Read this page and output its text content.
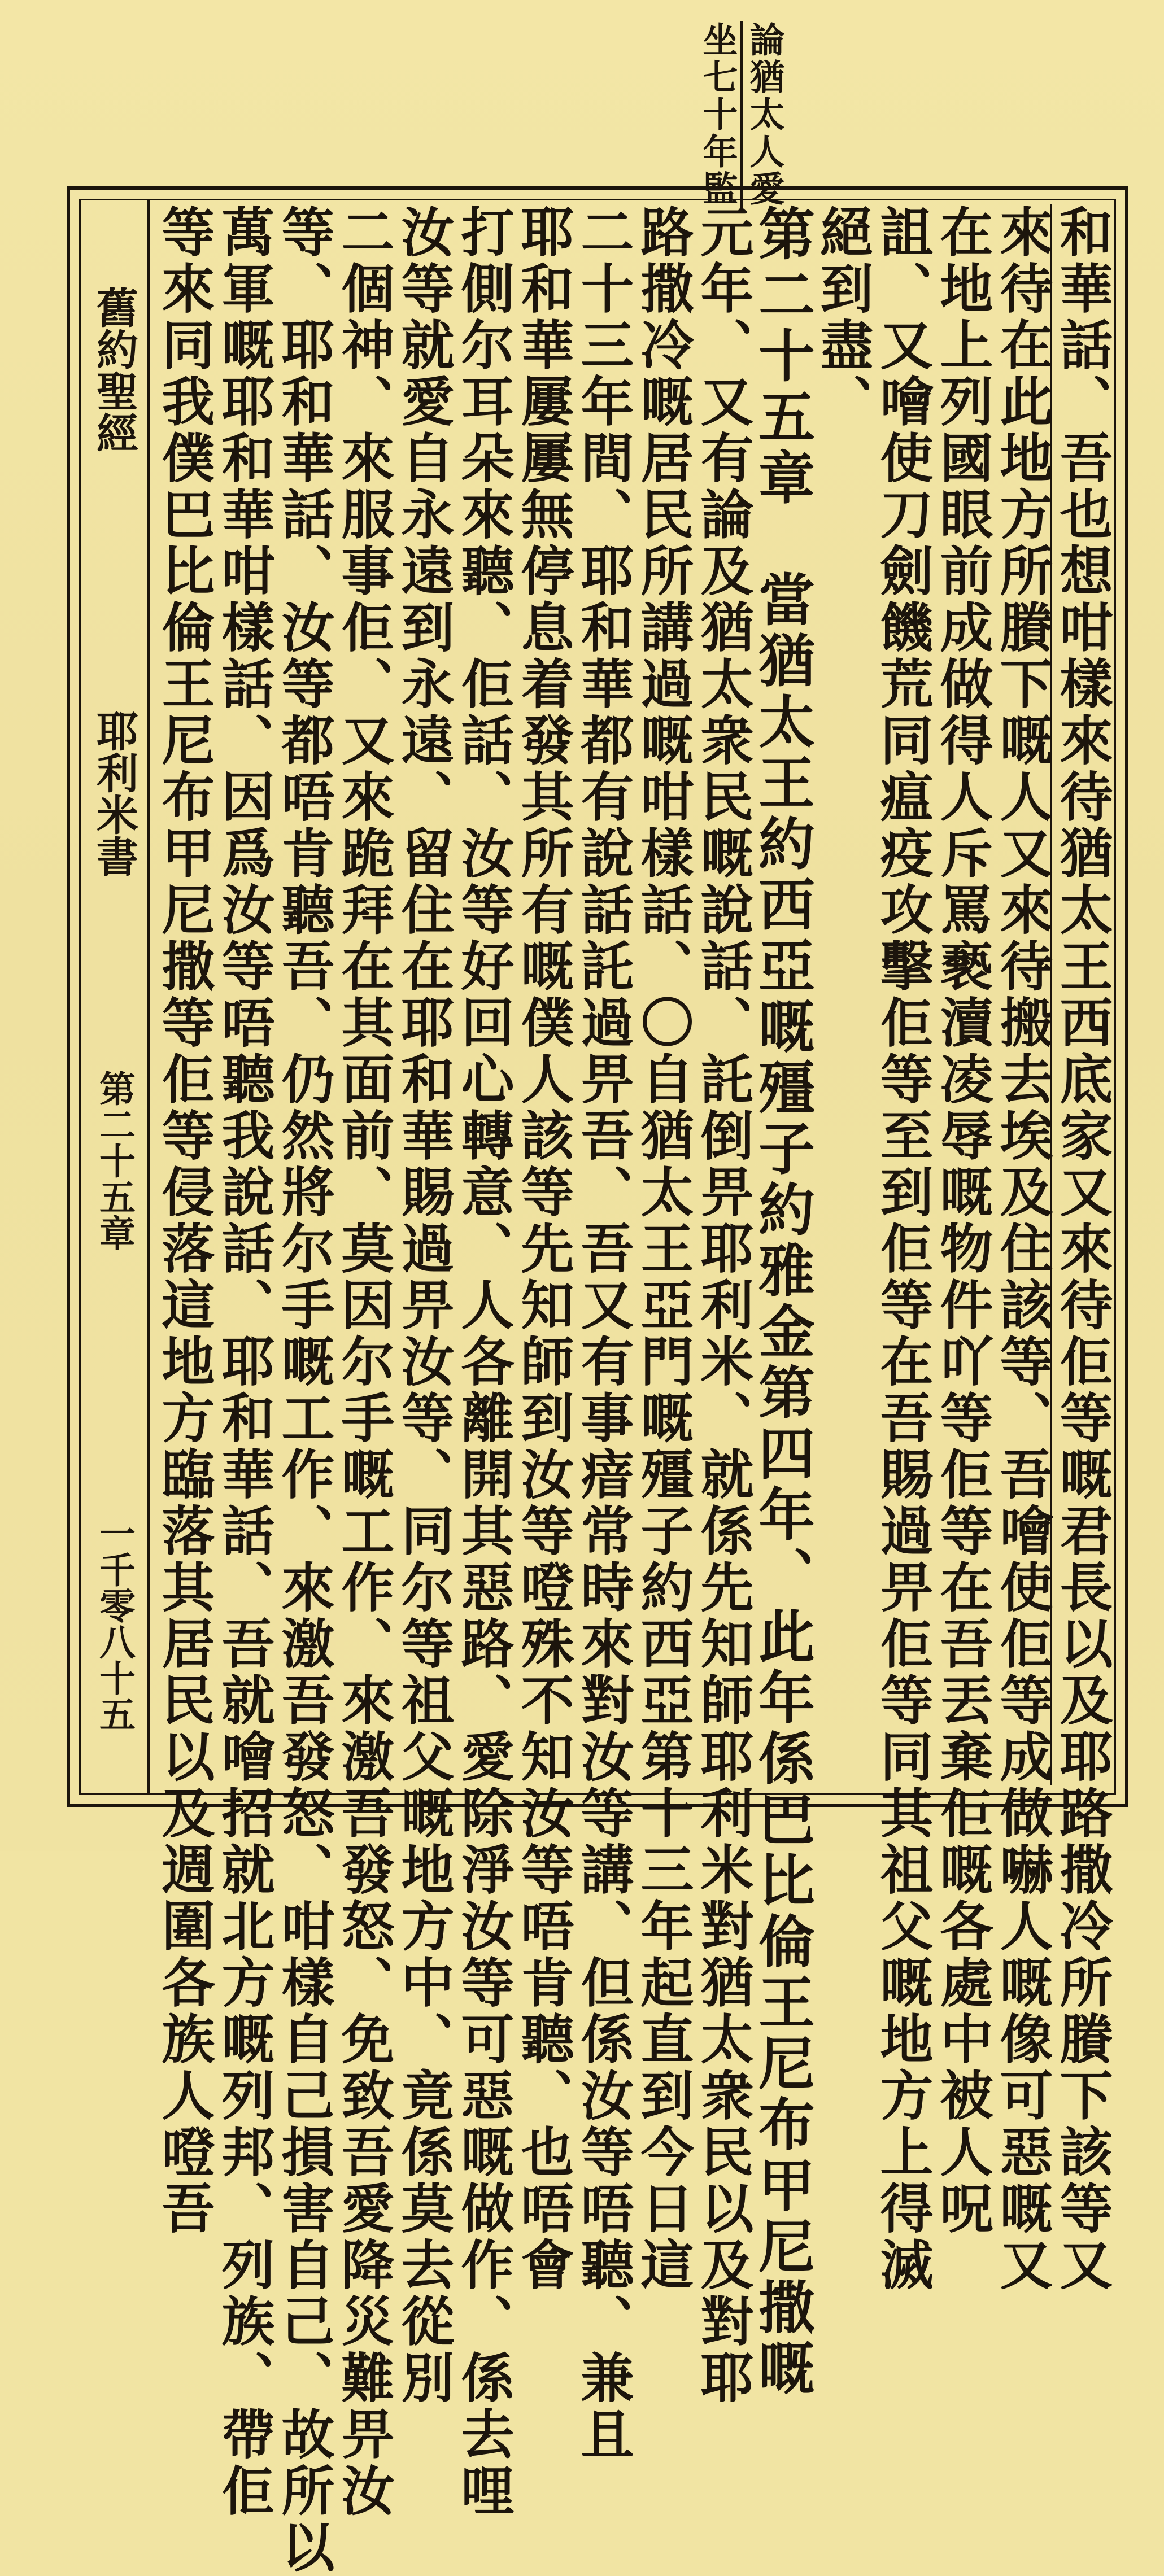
論猶太人愛
坐七十年監
舊約聖經
耶利米書
第二十五章
一千零八十五	和華話、吾也想咁樣來待猶太王西底家又來待佢等嘅君長以及耶路撒冷所賸下該等又
來待在此地方所賸下嘅人又來待搬去埃及住該等、吾噲使佢等成做嚇人嘅像可惡嘅又
在地上列國眼前成做得人斥罵褻瀆凌辱嘅物件吖等佢等在吾丟棄佢嘅各處中被人呪
詛、又噲使刀劍饑荒同瘟疫攻擊佢等至到佢等在吾賜過畀佢等同其祖父嘅地方上得滅
絕到盡、
第二十五章　當猶太王約西亞嘅殭子約雅金第四年、此年係巴比倫王尼布甲尼撒嘅
元年、又有論及猶太衆民嘅說話、託倒畀耶利米、就係先知師耶利米對猶太衆民以及對耶
路撒冷嘅居民所講過嘅咁樣話、〇自猶太王亞門嘅殭子約西亞第十三年起直到今日這
二十三年間、耶和華都有說話託過畀吾、吾又有事瘖常時來對汝等講、但係汝等唔聽、兼且
耶和華屢屢無停息着發其所有嘅僕人該等先知師到汝等噔殊不知汝等唔肯聽、也唔會
打側尔耳朵來聽、佢話、汝等好回心轉意、人各離開其惡路、愛除淨汝等可惡嘅做作、係去哩
汝等就愛自永遠到永遠、留住在耶和華賜過畀汝等、同尔等祖父嘅地方中、竟係莫去從別
二個神、來服事佢、又來跪拜在其面前、莫因尔手嘅工作、來激吾發怒、免致吾愛降災難畀汝
等、耶和華話、汝等都唔肯聽吾、仍然將尔手嘅工作、來激吾發怒、咁樣自己損害自己、故所以
萬軍嘅耶和華咁樣話、因爲汝等唔聽我說話、耶和華話、吾就噲招就北方嘅列邦、列族、帶佢
等來同我僕巴比倫王尼布甲尼撒等佢等侵落這地方臨落其居民以及週圍各族人噔吾
